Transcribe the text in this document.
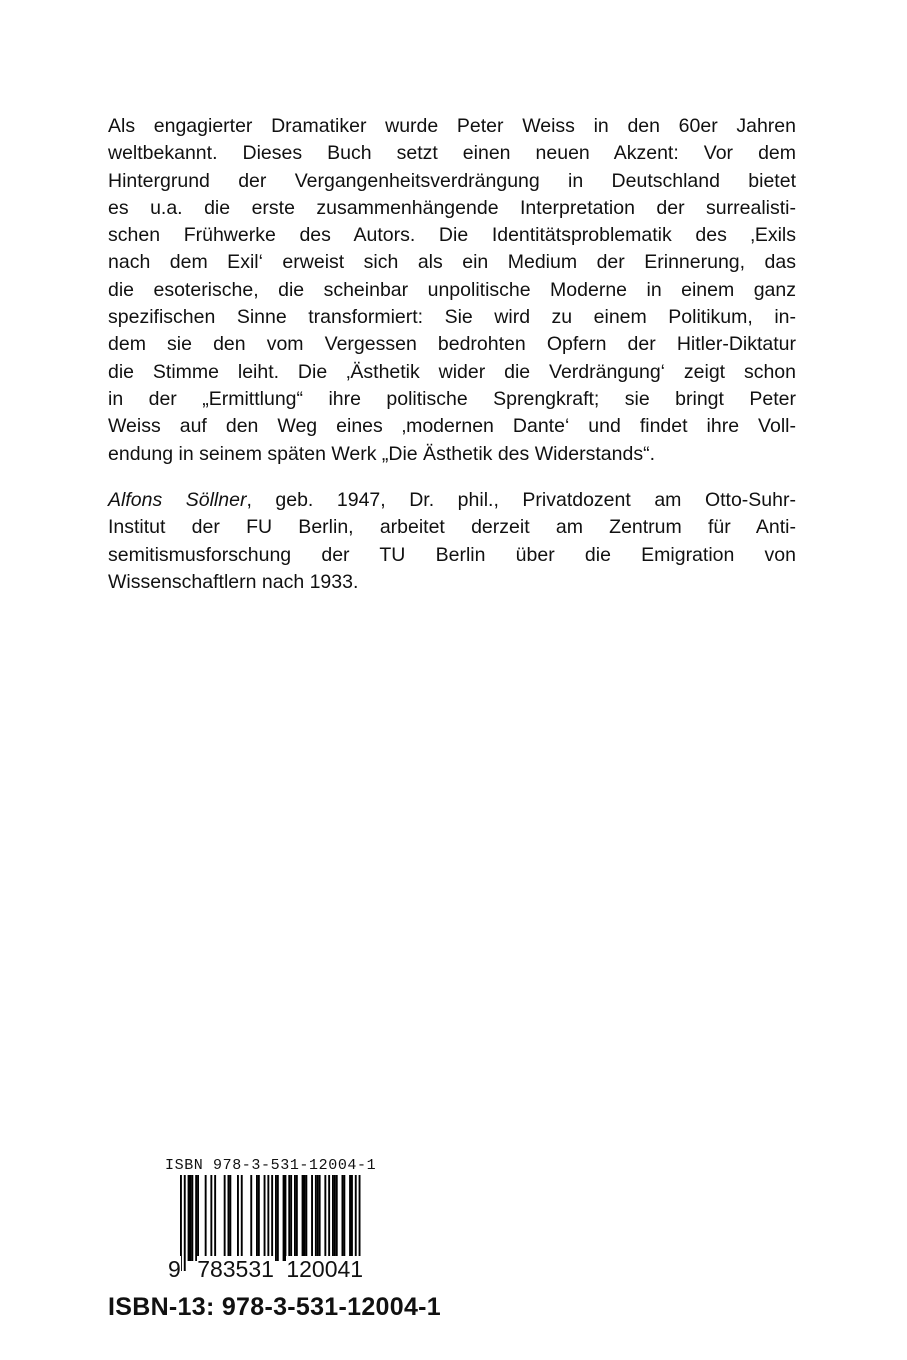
Als engagierter Dramatiker wurde Peter Weiss in den 60er Jahren
weltbekannt. Dieses Buch setzt einen neuen Akzent: Vor dem
Hintergrund der Vergangenheitsverdrängung in Deutschland bietet
es u.a. die erste zusammenhängende Interpretation der surrealisti-
schen Frühwerke des Autors. Die Identitätsproblematik des ‚Exils
nach dem Exil‘ erweist sich als ein Medium der Erinnerung, das
die esoterische, die scheinbar unpolitische Moderne in einem ganz
spezifischen Sinne transformiert: Sie wird zu einem Politikum, in-
dem sie den vom Vergessen bedrohten Opfern der Hitler-Diktatur
die Stimme leiht. Die ‚Ästhetik wider die Verdrängung‘ zeigt schon
in der „Ermittlung“ ihre politische Sprengkraft; sie bringt Peter
Weiss auf den Weg eines ‚modernen Dante‘ und findet ihre Voll-
endung in seinem späten Werk „Die Ästhetik des Widerstands“.
Alfons Söllner, geb. 1947, Dr. phil., Privatdozent am Otto-Suhr-
Institut der FU Berlin, arbeitet derzeit am Zentrum für Anti-
semitismusforschung der TU Berlin über die Emigration von
Wissenschaftlern nach 1933.
ISBN 978-3-531-12004-1
9 783531 120041
ISBN-13: 978-3-531-12004-1
